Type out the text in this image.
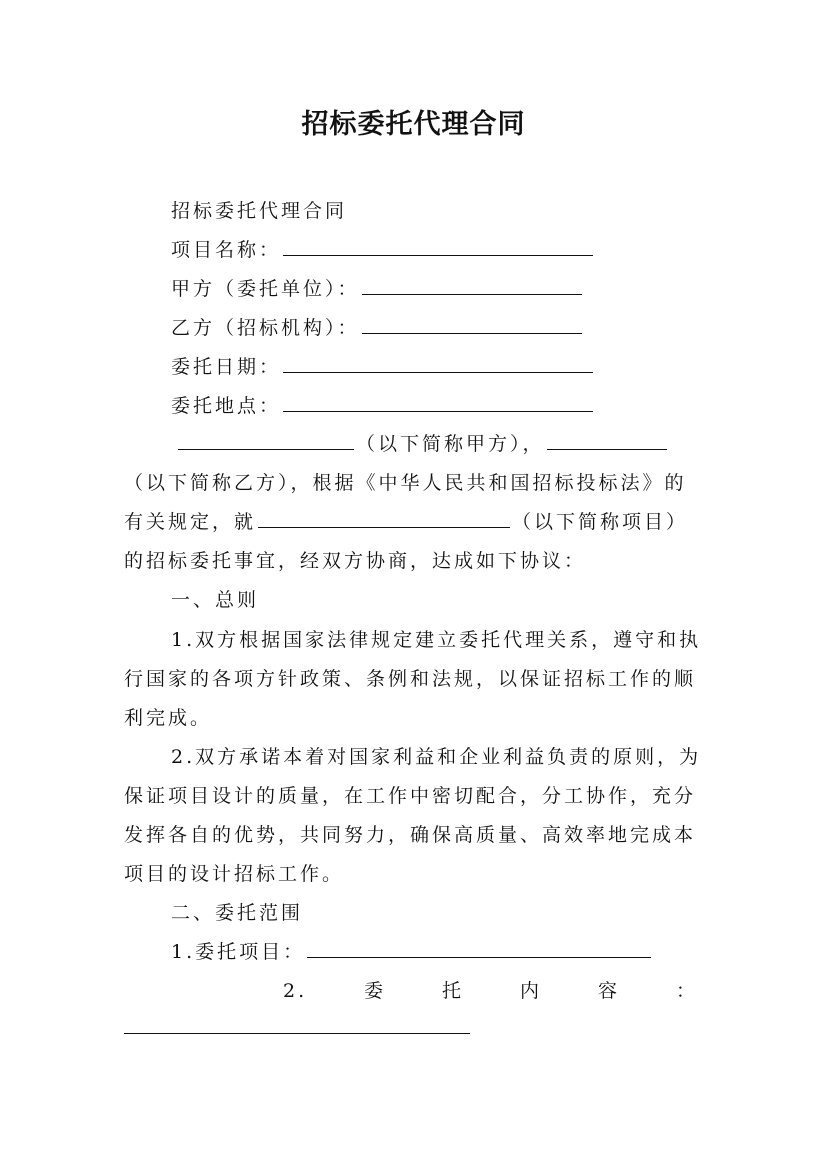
招标委托代理合同
招标委托代理合同
项目名称：
甲方（委托单位）：
乙方（招标机构）：
委托日期：
委托地点：
（以下简称甲方），
（以下简称乙方），根据《中华人民共和国招标投标法》的
有关规定，就	（以下简称项目）
的招标委托事宜，经双方协商，达成如下协议：
一、总则
1.双方根据国家法律规定建立委托代理关系，遵守和执
行国家的各项方针政策、条例和法规，以保证招标工作的顺
利完成。
2.双方承诺本着对国家利益和企业利益负责的原则，为
保证项目设计的质量，在工作中密切配合，分工协作，充分
发挥各自的优势，共同努力，确保高质量、高效率地完成本
项目的设计招标工作。
二、委托范围
1.委托项目：
2.	委	托	内	容	：
